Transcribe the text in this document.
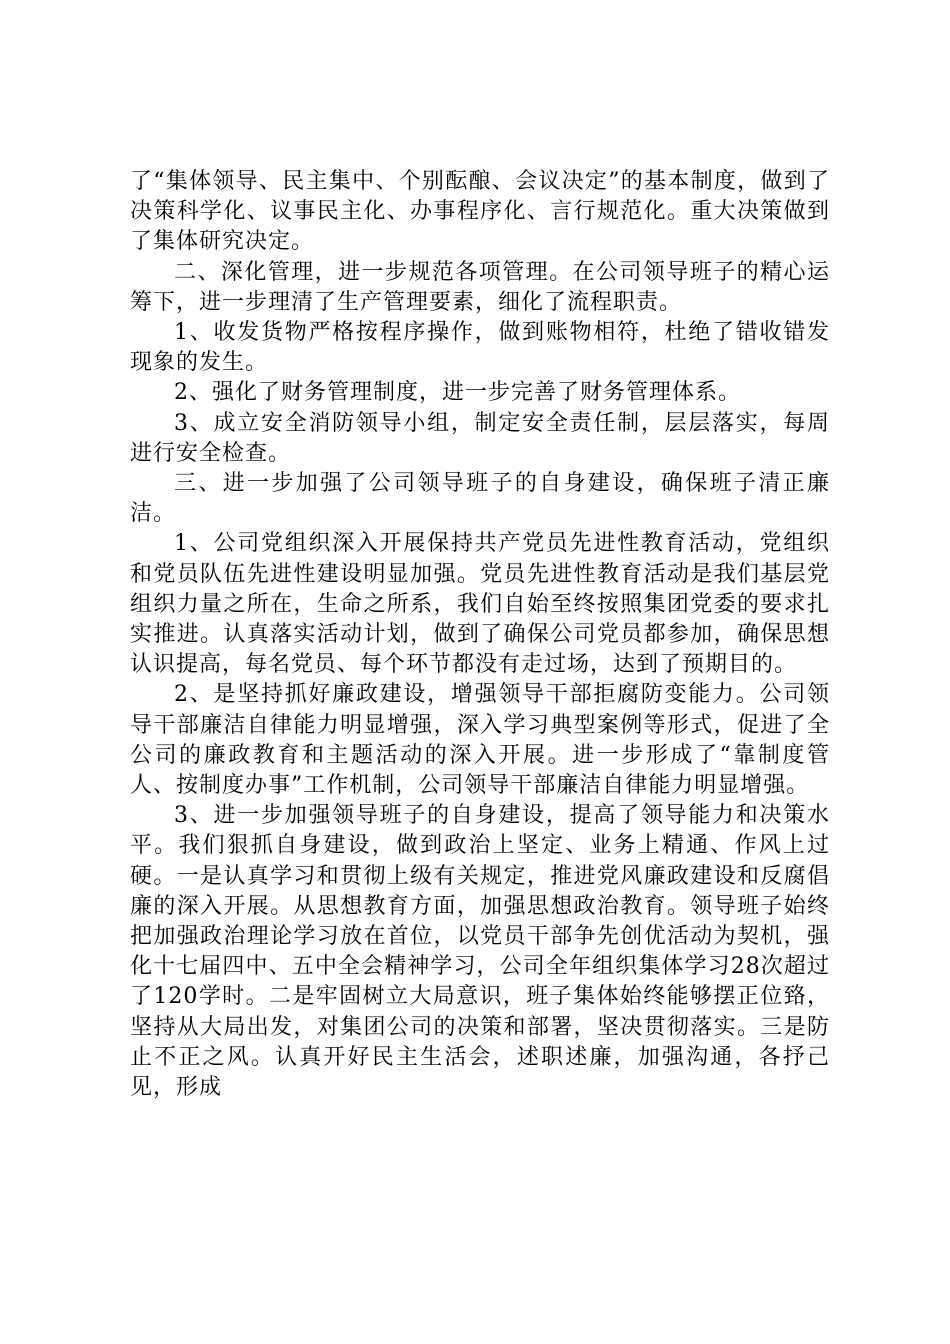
了“集体领导、民主集中、个别酝酿、会议决定”的基本制度，做到了决策科学化、议事民主化、办事程序化、言行规范化。重大决策做到了集体研究决定。

二、深化管理，进一步规范各项管理。在公司领导班子的精心运筹下，进一步理清了生产管理要素，细化了流程职责。

1、收发货物严格按程序操作，做到账物相符，杜绝了错收错发现象的发生。

2、强化了财务管理制度，进一步完善了财务管理体系。

3、成立安全消防领导小组，制定安全责任制，层层落实，每周进行安全检查。

三、进一步加强了公司领导班子的自身建设，确保班子清正廉洁。

1、公司党组织深入开展保持共产党员先进性教育活动，党组织和党员队伍先进性建设明显加强。党员先进性教育活动是我们基层党组织力量之所在，生命之所系，我们自始至终按照集团党委的要求扎实推进。认真落实活动计划，做到了确保公司党员都参加，确保思想认识提高，每名党员、每个环节都没有走过场，达到了预期目的。

2、是坚持抓好廉政建设，增强领导干部拒腐防变能力。公司领导干部廉洁自律能力明显增强，深入学习典型案例等形式，促进了全公司的廉政教育和主题活动的深入开展。进一步形成了“靠制度管人、按制度办事”工作机制，公司领导干部廉洁自律能力明显增强。

3、进一步加强领导班子的自身建设，提高了领导能力和决策水平。我们狠抓自身建设，做到政治上坚定、业务上精通、作风上过硬。一是认真学习和贯彻上级有关规定，推进党风廉政建设和反腐倡廉的深入开展。从思想教育方面，加强思想政治教育。领导班子始终把加强政治理论学习放在首位，以党员干部争先创优活动为契机，强化十七届四中、五中全会精神学习，公司全年组织集体学习28次超过了120学时。二是牢固树立大局意识，班子集体始终能够摆正位臵，坚持从大局出发，对集团公司的决策和部署，坚决贯彻落实。三是防止不正之风。认真开好民主生活会，述职述廉，加强沟通，各抒己见，形成
